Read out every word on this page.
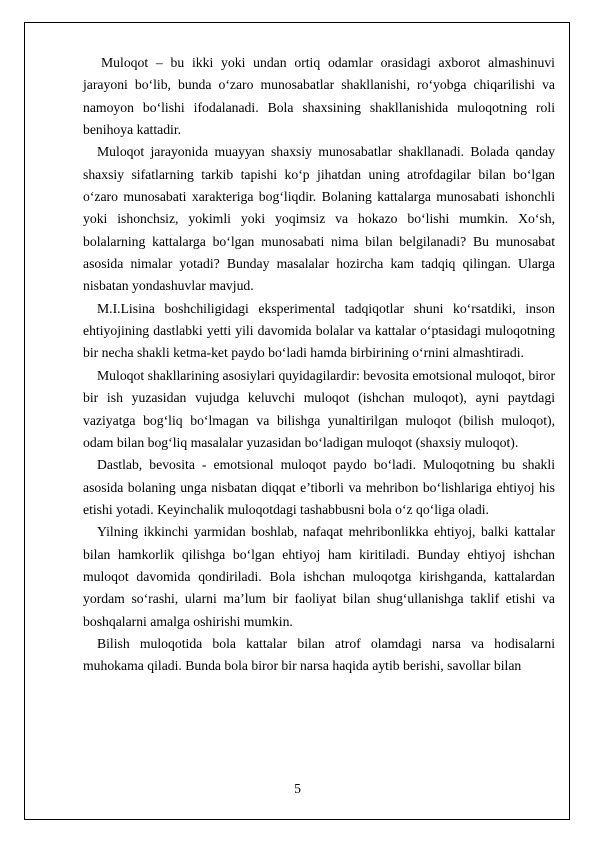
Muloqot – bu ikki yoki undan ortiq odamlar orasidagi axborot almashinuvi jarayoni bo‘lib, bunda o‘zaro munosabatlar shakllanishi, ro‘yobga chiqarilishi va namoyon bo‘lishi ifodalanadi. Bola shaxsining shakllanishida muloqotning roli benihoya kattadir.

Muloqot jarayonida muayyan shaxsiy munosabatlar shakllanadi. Bolada qanday shaxsiy sifatlarning tarkib tapishi ko‘p jihatdan uning atrofdagilar bilan bo‘lgan o‘zaro munosabati xarakteriga bog‘liqdir. Bolaning kattalarga munosabati ishonchli yoki ishonchsiz, yokimli yoki yoqimsiz va hokazo bo‘lishi mumkin. Xo‘sh, bolalarning kattalarga bo‘lgan munosabati nima bilan belgilanadi? Bu munosabat asosida nimalar yotadi? Bunday masalalar hozircha kam tadqiq qilingan. Ularga nisbatan yondashuvlar mavjud.

M.I.Lisina boshchiligidagi eksperimental tadqiqotlar shuni ko‘rsatdiki, inson ehtiyojining dastlabki yetti yili davomida bolalar va kattalar o‘ptasidagi muloqotning bir necha shakli ketma-ket paydo bo‘ladi hamda birbirining o‘rnini almashtiradi.

Muloqot shakllarining asosiylari quyidagilardir: bevosita emotsional muloqot, biror bir ish yuzasidan vujudga keluvchi muloqot (ishchan muloqot), ayni paytdagi vaziyatga bog‘liq bo‘lmagan va bilishga yunaltirilgan muloqot (bilish muloqot), odam bilan bog‘liq masalalar yuzasidan bo‘ladigan muloqot (shaxsiy muloqot).

Dastlab, bevosita - emotsional muloqot paydo bo‘ladi. Muloqotning bu shakli asosida bolaning unga nisbatan diqqat e’tiborli va mehribon bo‘lishlariga ehtiyoj his etishi yotadi. Keyinchalik muloqotdagi tashabbusni bola o‘z qo‘liga oladi.

Yilning ikkinchi yarmidan boshlab, nafaqat mehribonlikka ehtiyoj, balki kattalar bilan hamkorlik qilishga bo‘lgan ehtiyoj ham kiritiladi. Bunday ehtiyoj ishchan muloqot davomida qondiriladi. Bola ishchan muloqotga kirishganda, kattalardan yordam so‘rashi, ularni ma’lum bir faoliyat bilan shug‘ullanishga taklif etishi va boshqalarni amalga oshirishi mumkin.

Bilish muloqotida bola kattalar bilan atrof olamdagi narsa va hodisalarni muhokama qiladi. Bunda bola biror bir narsa haqida aytib berishi, savollar bilan

5
